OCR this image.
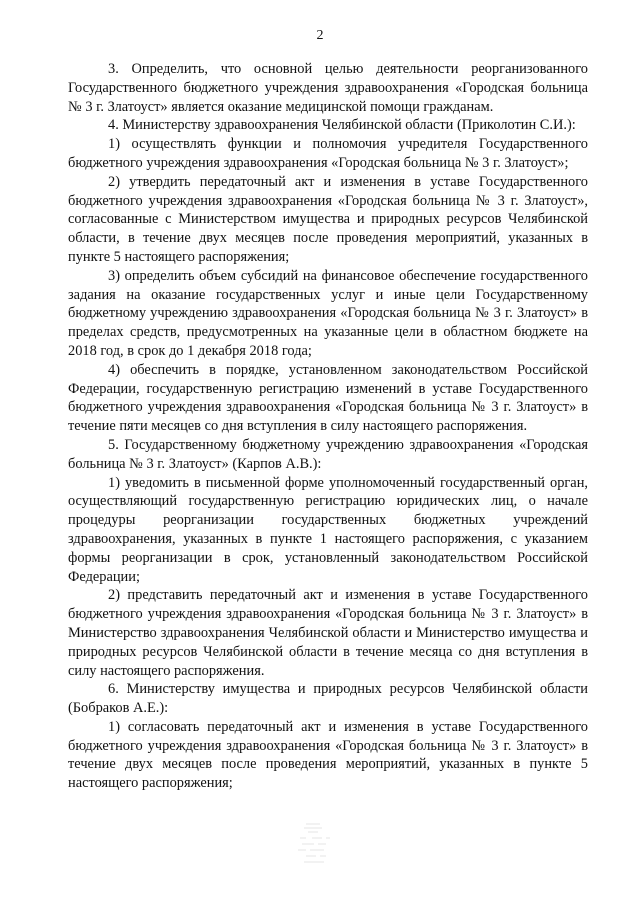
2

3. Определить, что основной целью деятельности реорганизованного Государственного бюджетного учреждения здравоохранения «Городская больница № 3 г. Златоуст» является оказание медицинской помощи гражданам.

4. Министерству здравоохранения Челябинской области (Приколотин С.И.):

1) осуществлять функции и полномочия учредителя Государственного бюджетного учреждения здравоохранения «Городская больница № 3 г. Златоуст»;

2) утвердить передаточный акт и изменения в уставе Государственного бюджетного учреждения здравоохранения «Городская больница № 3 г. Златоуст», согласованные с Министерством имущества и природных ресурсов Челябинской области, в течение двух месяцев после проведения мероприятий, указанных в пункте 5 настоящего распоряжения;

3) определить объем субсидий на финансовое обеспечение государственного задания на оказание государственных услуг и иные цели Государственному бюджетному учреждению здравоохранения «Городская больница № 3 г. Златоуст» в пределах средств, предусмотренных на указанные цели в областном бюджете на 2018 год, в срок до 1 декабря 2018 года;

4) обеспечить в порядке, установленном законодательством Российской Федерации, государственную регистрацию изменений в уставе Государственного бюджетного учреждения здравоохранения «Городская больница № 3 г. Златоуст» в течение пяти месяцев со дня вступления в силу настоящего распоряжения.

5. Государственному бюджетному учреждению здравоохранения «Городская больница № 3 г. Златоуст» (Карпов А.В.):

1) уведомить в письменной форме уполномоченный государственный орган, осуществляющий государственную регистрацию юридических лиц, о начале процедуры реорганизации государственных бюджетных учреждений здравоохранения, указанных в пункте 1 настоящего распоряжения, с указанием формы реорганизации в срок, установленный законодательством Российской Федерации;

2) представить передаточный акт и изменения в уставе Государственного бюджетного учреждения здравоохранения «Городская больница № 3 г. Златоуст» в Министерство здравоохранения Челябинской области и Министерство имущества и природных ресурсов Челябинской области в течение месяца со дня вступления в силу настоящего распоряжения.

6. Министерству имущества и природных ресурсов Челябинской области (Бобраков А.Е.):

1) согласовать передаточный акт и изменения в уставе Государственного бюджетного учреждения здравоохранения «Городская больница № 3 г. Златоуст» в течение двух месяцев после проведения мероприятий, указанных в пункте 5 настоящего распоряжения;
